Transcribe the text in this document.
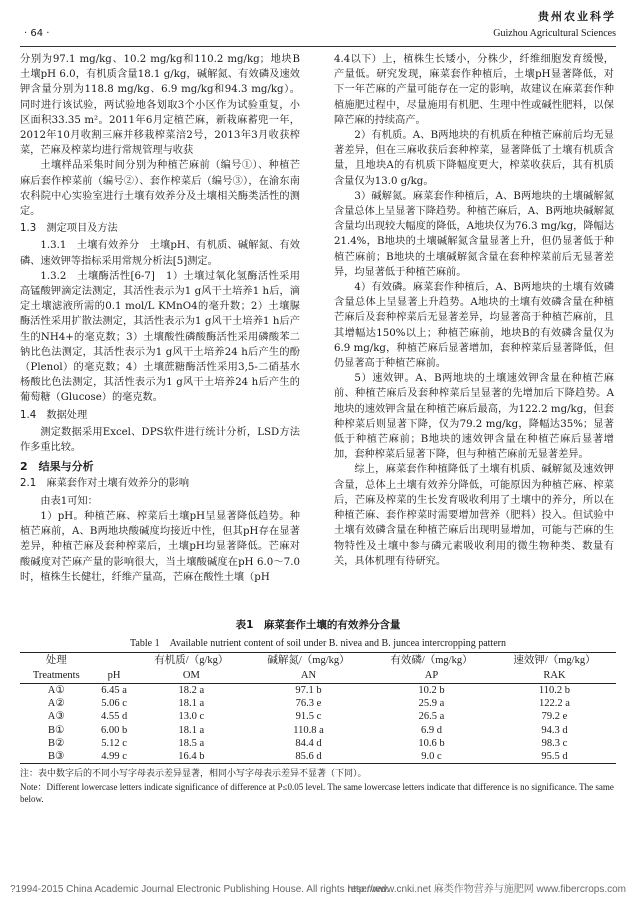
贵州农业科学
· 64 ·	Guizhou Agricultural Sciences

分别为97.1 mg/kg、10.2 mg/kg和110.2 mg/kg；地块B土壤pH 6.0，有机质含量18.1 g/kg，碱解氮、有效磷及速效钾含量分别为118.8 mg/kg、6.9 mg/kg和94.3 mg/kg）。同时进行该试验，两试验地各划取3个小区作为试验重复，小区面积33.35 m²。2011年6月定植芒麻，新栽麻蓄兜一年，2012年10月收割三麻并移栽榨菜涪2号，2013年3月收获榨菜，芒麻及榨菜均进行常规管理与收获

土壤样品采集时间分别为种植芒麻前（编号①）、种植芒麻后套作榨菜前（编号②）、套作榨菜后（编号③），在渝东南农科院中心实验室进行土壤有效养分及土壤相关酶类活性的测定。

1.3　测定项目及方法

1.3.1　土壤有效养分　土壤pH、有机质、碱解氮、有效磷、速效钾等指标采用常规分析法[5]测定。

1.3.2　土壤酶活性[6-7]　1）土壤过氧化氢酶活性采用高锰酸钾滴定法测定，其活性表示为1 g风干土培养1 h后，滴定土壤滤液所需的0.1 mol/L KMnO4的毫升数；2）土壤脲酶活性采用扩散法测定，其活性表示为1 g风干土培养1 h后产生的NH4+的毫克数；3）土壤酸性磷酸酶活性采用磷酸苯二钠比色法测定，其活性表示为1 g风干土培养24 h后产生的酚（Plenol）的毫克数；4）土壤蔗糖酶活性采用3,5-二硝基水杨酸比色法测定，其活性表示为1 g风干土培养24 h后产生的葡萄糖（Glucose）的毫克数。

1.4　数据处理

测定数据采用Excel、DPS软件进行统计分析，LSD方法作多重比较。

2　结果与分析
2.1　麻菜套作对土壤有效养分的影响

由表1可知：

1）pH。种植芒麻、榨菜后土壤pH呈显著降低趋势。种植芒麻前，A、B两地块酸碱度均接近中性，但其pH存在显著差异，种植芒麻及套种榨菜后，土壤pH均显著降低。芒麻对酸碱度对芒麻产量的影响很大，当土壤酸碱度在pH 6.0～7.0时，植株生长健壮，纤维产量高，芒麻在酸性土壤（pH

4.4以下）上，植株生长矮小，分株少，纤维细胞发育缓慢，产量低。研究发现，麻菜套作种植后，土壤pH显著降低，对下一年芒麻的产量可能存在一定的影响，故建议在麻菜套作种植施肥过程中，尽量施用有机肥、生理中性或碱性肥料，以保障芒麻的持续高产。

2）有机质。A、B两地块的有机质在种植芒麻前后均无显著差异，但在三麻收获后套种榨菜，显著降低了土壤有机质含量，且地块A的有机质下降幅度更大，榨菜收获后，其有机质含量仅为13.0 g/kg。

3）碱解氮。麻菜套作种植后，A、B两地块的土壤碱解氮含量总体上呈显著下降趋势。种植芒麻后，A、B两地块碱解氮含量均出现较大幅度的降低，A地块仅为76.3 mg/kg，降幅达21.4%，B地块的土壤碱解氮含量显著上升，但仍显著低于种植芒麻前；B地块的土壤碱解氮含量在套种榨菜前后无显著差异，均显著低于种植芒麻前。

4）有效磷。麻菜套作种植后，A、B两地块的土壤有效磷含量总体上呈显著上升趋势。A地块的土壤有效磷含量在种植芒麻后及套种榨菜后无显著差异，均显著高于种植芒麻前，且其增幅达150%以上；种植芒麻前，地块B的有效磷含量仅为6.9 mg/kg，种植芒麻后显著增加，套种榨菜后显著降低，但仍显著高于种植芒麻前。

5）速效钾。A、B两地块的土壤速效钾含量在种植芒麻前、种植芒麻后及套种榨菜后呈显著的先增加后下降趋势。A地块的速效钾含量在种植芒麻后最高，为122.2 mg/kg，但套种榨菜后则显著下降，仅为79.2 mg/kg，降幅达35%；显著低于种植芒麻前；B地块的速效钾含量在种植芒麻后显著增加，套种榨菜后显著下降，但与种植芒麻前无显著差异。

综上，麻菜套作种植降低了土壤有机质、碱解氮及速效钾含量，总体上土壤有效养分降低，可能原因为种植芒麻、榨菜后，芒麻及榨菜的生长发育吸收利用了土壤中的养分，所以在种植芒麻、套作榨菜时需要增加营养（肥料）投入。但试验中土壤有效磷含量在种植芒麻后出现明显增加，可能与芒麻的生物特性及土壤中参与磷元素吸收利用的微生物种类、数量有关，具体机理有待研究。

表1　麻菜套作土壤的有效养分含量
Table 1　Available nutrient content of soil under B. nivea and B. juncea intercropping pattern
处理		有机质/（g/kg）	碱解氮/（mg/kg）	有效磷/（mg/kg）	速效钾/（mg/kg）
Treatments	pH	OM	AN	AP	RAK
A①	6.45 a	18.2 a	97.1 b	10.2 b	110.2 b
A②	5.06 c	18.1 a	76.3 e	25.9 a	122.2 a
A③	4.55 d	13.0 c	91.5 c	26.5 a	79.2 e
B①	6.00 b	18.1 a	110.8 a	6.9 d	94.3 d
B②	5.12 c	18.5 a	84.4 d	10.6 b	98.3 c
B③	4.99 c	16.4 b	85.6 d	9.0 c	95.5 d
注：表中数字后的不同小写字母表示差异显著，相同小写字母表示差异不显著（下同）。
Note：Different lowercase letters indicate significance of difference at P≤0.05 level. The same lowercase letters indicate that difference is no significance. The same below.
?1994-2015 China Academic Journal Electronic Publishing House. All rights reserved.
http://www.cnki.net 麻类作物营养与施肥网 www.fibercrops.com
